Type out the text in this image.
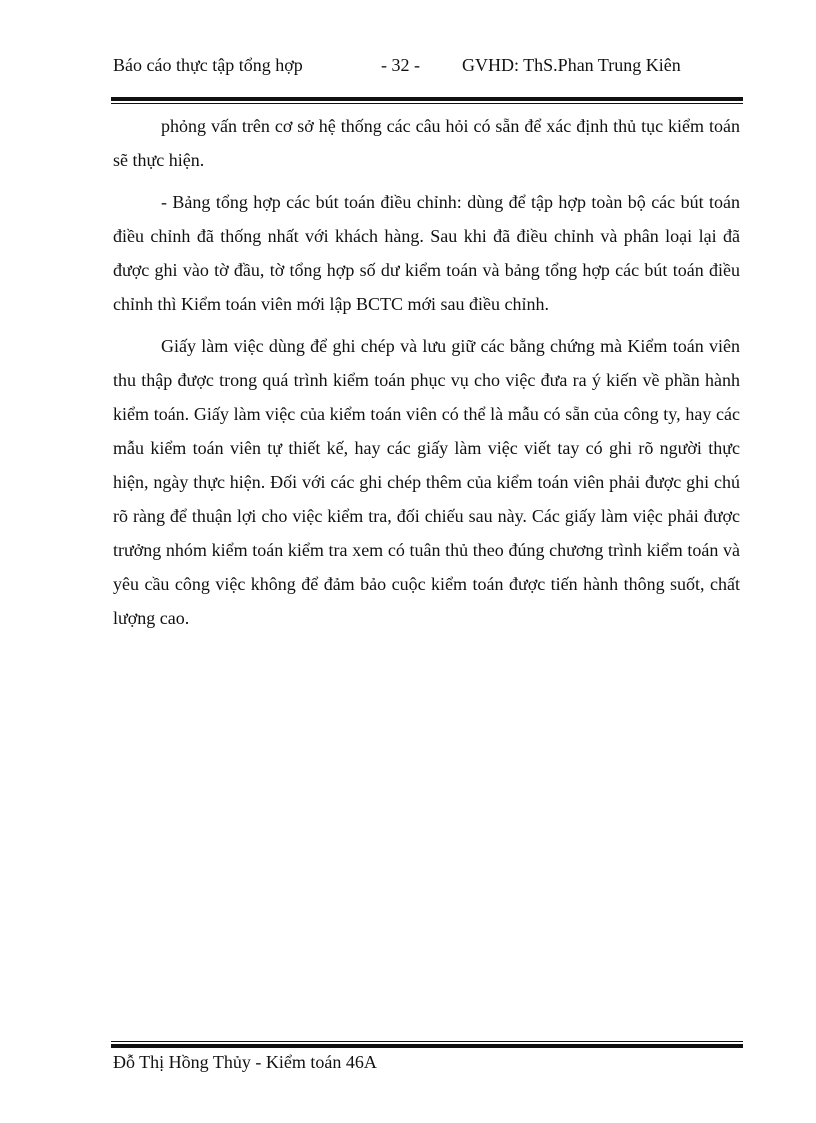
Báo cáo thực tập tổng hợp	- 32 - GVHD: ThS.Phan Trung Kiên

phỏng vấn trên cơ sở hệ thống các câu hỏi có sẵn để xác định thủ tục kiểm toán sẽ thực hiện.

- Bảng tổng hợp các bút toán điều chỉnh: dùng để tập hợp toàn bộ các bút toán điều chỉnh đã thống nhất với khách hàng. Sau khi đã điều chỉnh và phân loại lại đã được ghi vào tờ đầu, tờ tổng hợp số dư kiểm toán và bảng tổng hợp các bút toán điều chỉnh thì Kiểm toán viên mới lập BCTC mới sau điều chỉnh.

Giấy làm việc dùng để ghi chép và lưu giữ các bằng chứng mà Kiểm toán viên thu thập được trong quá trình kiểm toán phục vụ cho việc đưa ra ý kiến về phần hành kiểm toán. Giấy làm việc của kiểm toán viên có thể là mẫu có sẵn của công ty, hay các mẫu kiểm toán viên tự thiết kế, hay các giấy làm việc viết tay có ghi rõ người thực hiện, ngày thực hiện. Đối với các ghi chép thêm của kiểm toán viên phải được ghi chú rõ ràng để thuận lợi cho việc kiểm tra, đối chiếu sau này. Các giấy làm việc phải được trưởng nhóm kiểm toán kiểm tra xem có tuân thủ theo đúng chương trình kiểm toán và yêu cầu công việc không để đảm bảo cuộc kiểm toán được tiến hành thông suốt, chất lượng cao.

Đỗ Thị Hồng Thủy - Kiểm toán 46A
